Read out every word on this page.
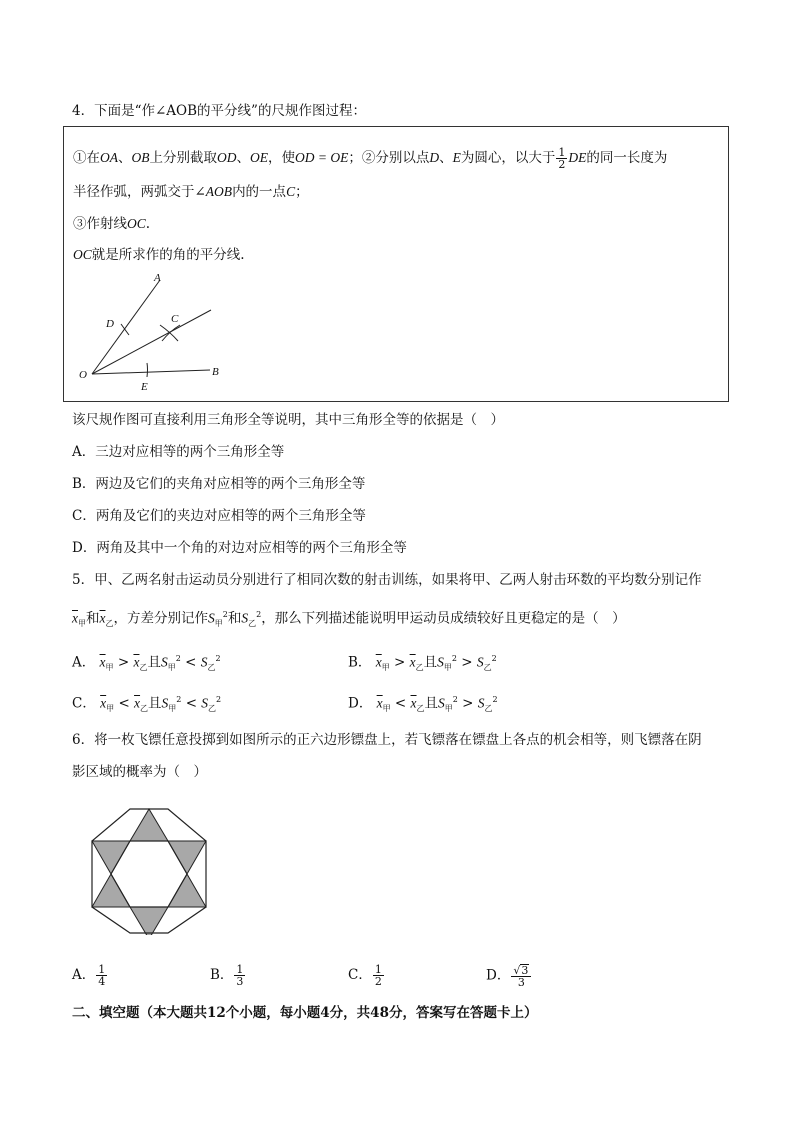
4．下面是“作∠AOB的平分线”的尺规作图过程：
①在OA、OB上分别截取OD、OE，使OD = OE；②分别以点D、E为圆心，以大于 $\frac{1}{2}$ DE的同一长度为
半径作弧，两弧交于∠AOB内的一点C；
③作射线OC.
OC就是所求作的角的平分线.
A
B
C
D
E
O
该尺规作图可直接利用三角形全等说明，其中三角形全等的依据是（　）
A．三边对应相等的两个三角形全等
B．两边及它们的夹角对应相等的两个三角形全等
C．两角及它们的夹边对应相等的两个三角形全等
D．两角及其中一个角的对边对应相等的两个三角形全等
5．甲、乙两名射击运动员分别进行了相同次数的射击训练，如果将甲、乙两人射击环数的平均数分别记作
$\overline{x}_甲$和$\overline{x}_乙$，方差分别记作$S_甲^2$和$S_乙^2$，那么下列描述能说明甲运动员成绩较好且更稳定的是（　）
A． $\overline{x}_甲 > \overline{x}_乙$且$S_甲^2 < S_乙^2$	B． $\overline{x}_甲 > \overline{x}_乙$且$S_甲^2 > S_乙^2$
C． $\overline{x}_甲 < \overline{x}_乙$且$S_甲^2 < S_乙^2$	D． $\overline{x}_甲 < \overline{x}_乙$且$S_甲^2 > S_乙^2$
6．将一枚飞镖任意投掷到如图所示的正六边形镖盘上，若飞镖落在镖盘上各点的机会相等，则飞镖落在阴
影区域的概率为（　）
A． $\frac{1}{4}$	B． $\frac{1}{3}$	C． $\frac{1}{2}$	D． $\frac{√3}{3}$
二、填空题（本大题共12个小题，每小题4分，共48分，答案写在答题卡上）
